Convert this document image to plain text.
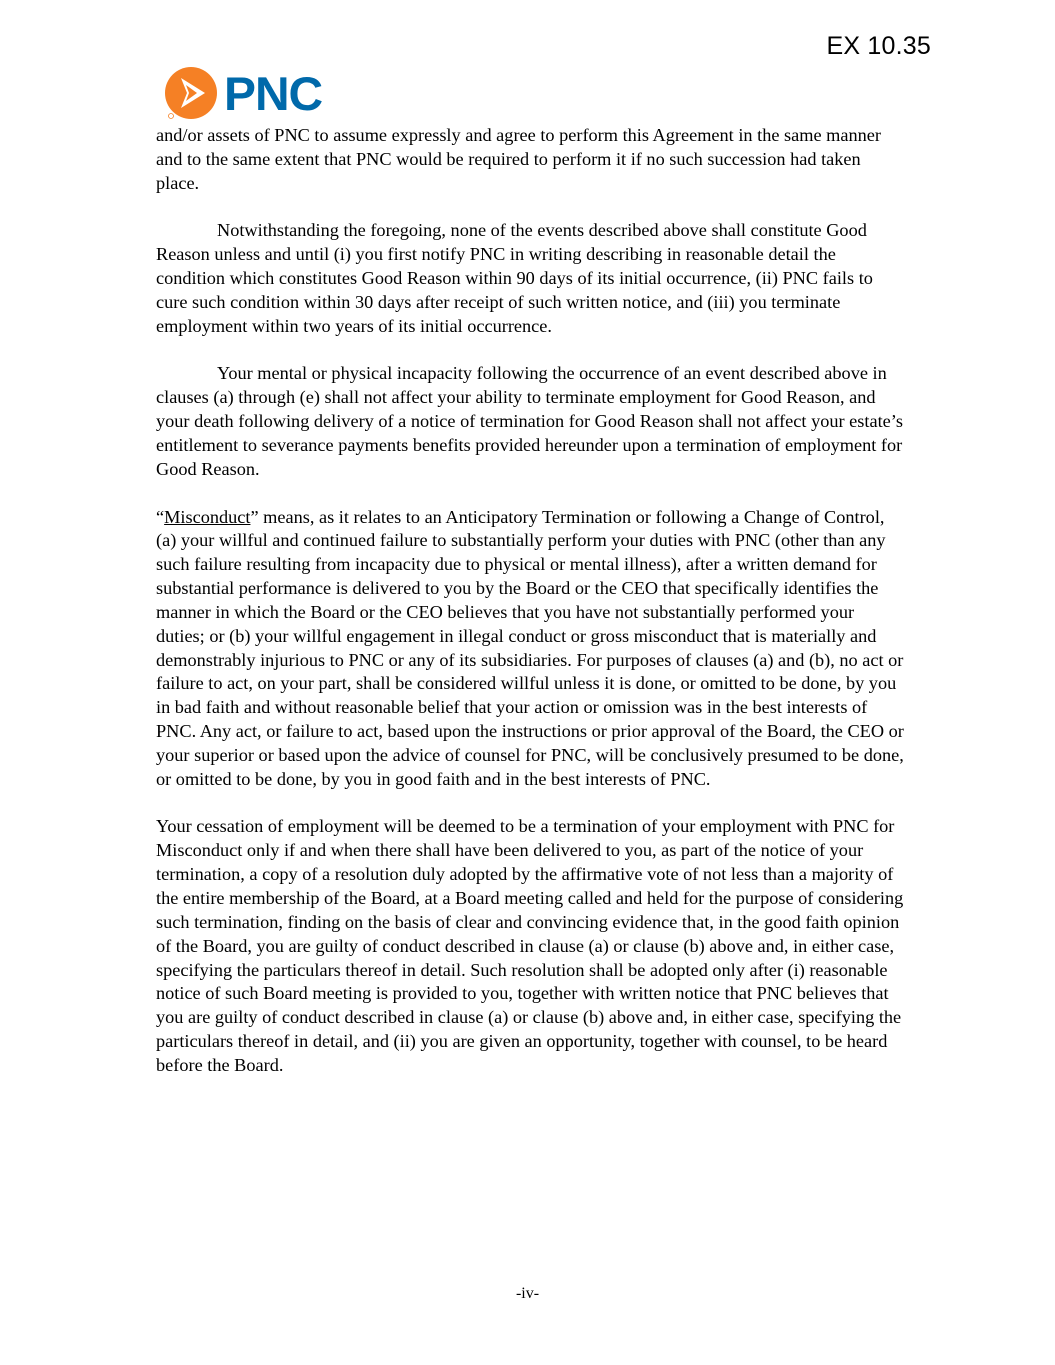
EX 10.35
PNC

and/or assets of PNC to assume expressly and agree to perform this Agreement in the same manner and to the same extent that PNC would be required to perform it if no such succession had taken place.

Notwithstanding the foregoing, none of the events described above shall constitute Good Reason unless and until (i) you first notify PNC in writing describing in reasonable detail the condition which constitutes Good Reason within 90 days of its initial occurrence, (ii) PNC fails to cure such condition within 30 days after receipt of such written notice, and (iii) you terminate employment within two years of its initial occurrence.

Your mental or physical incapacity following the occurrence of an event described above in clauses (a) through (e) shall not affect your ability to terminate employment for Good Reason, and your death following delivery of a notice of termination for Good Reason shall not affect your estate’s entitlement to severance payments benefits provided hereunder upon a termination of employment for Good Reason.

“Misconduct” means, as it relates to an Anticipatory Termination or following a Change of Control, (a) your willful and continued failure to substantially perform your duties with PNC (other than any such failure resulting from incapacity due to physical or mental illness), after a written demand for substantial performance is delivered to you by the Board or the CEO that specifically identifies the manner in which the Board or the CEO believes that you have not substantially performed your duties; or (b) your willful engagement in illegal conduct or gross misconduct that is materially and demonstrably injurious to PNC or any of its subsidiaries. For purposes of clauses (a) and (b), no act or failure to act, on your part, shall be considered willful unless it is done, or omitted to be done, by you in bad faith and without reasonable belief that your action or omission was in the best interests of PNC. Any act, or failure to act, based upon the instructions or prior approval of the Board, the CEO or your superior or based upon the advice of counsel for PNC, will be conclusively presumed to be done, or omitted to be done, by you in good faith and in the best interests of PNC.

Your cessation of employment will be deemed to be a termination of your employment with PNC for Misconduct only if and when there shall have been delivered to you, as part of the notice of your termination, a copy of a resolution duly adopted by the affirmative vote of not less than a majority of the entire membership of the Board, at a Board meeting called and held for the purpose of considering such termination, finding on the basis of clear and convincing evidence that, in the good faith opinion of the Board, you are guilty of conduct described in clause (a) or clause (b) above and, in either case, specifying the particulars thereof in detail. Such resolution shall be adopted only after (i) reasonable notice of such Board meeting is provided to you, together with written notice that PNC believes that you are guilty of conduct described in clause (a) or clause (b) above and, in either case, specifying the particulars thereof in detail, and (ii) you are given an opportunity, together with counsel, to be heard before the Board.

-iv-
